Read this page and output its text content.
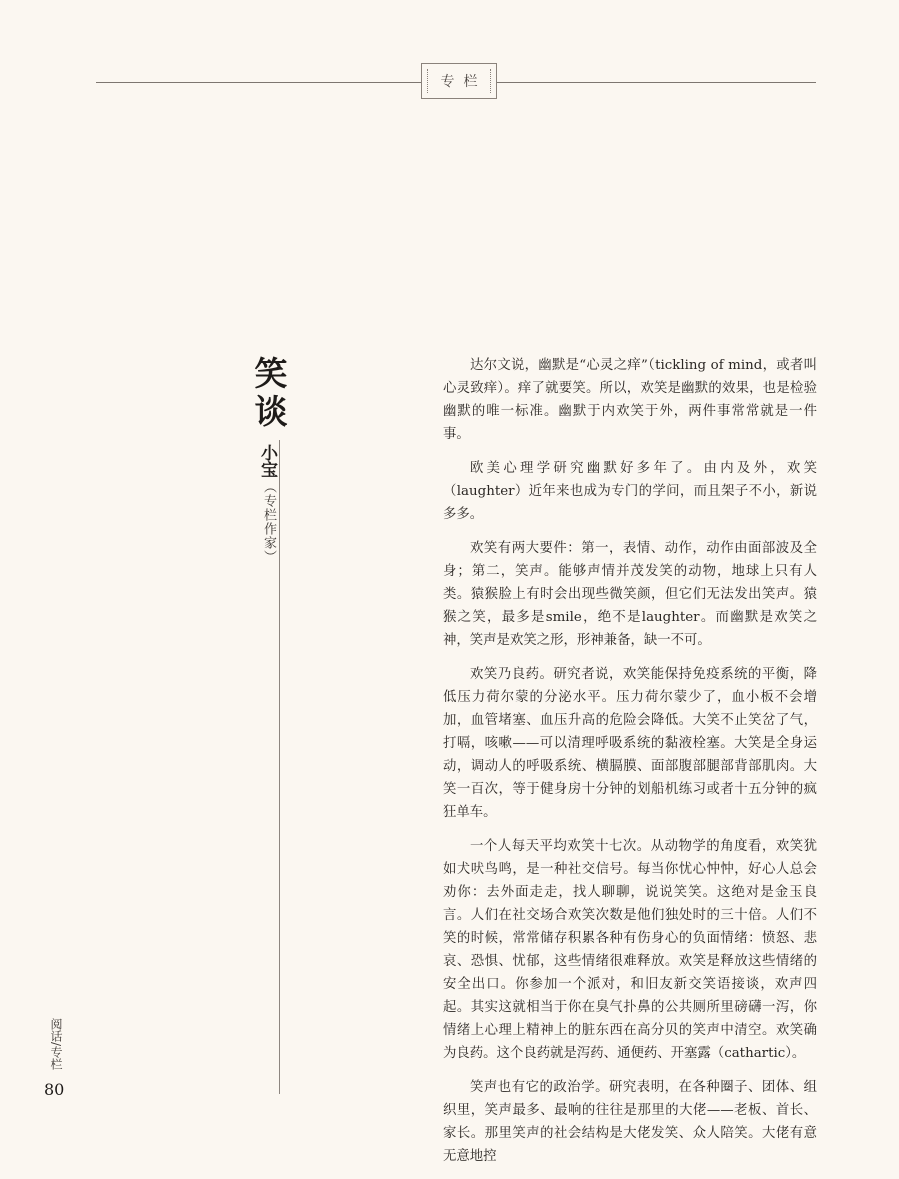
专栏
笑谈
小宝
（专栏作家）

达尔文说，幽默是“心灵之痒”（tickling of mind，或者叫心灵致痒）。痒了就要笑。所以，欢笑是幽默的效果，也是检验幽默的唯一标准。幽默于内欢笑于外，两件事常常就是一件事。

欧美心理学研究幽默好多年了。由内及外，欢笑（laughter）近年来也成为专门的学问，而且架子不小，新说多多。

欢笑有两大要件：第一，表情、动作，动作由面部波及全身；第二，笑声。能够声情并茂发笑的动物，地球上只有人类。猿猴脸上有时会出现些微笑颜，但它们无法发出笑声。猿猴之笑，最多是smile，绝不是laughter。而幽默是欢笑之神，笑声是欢笑之形，形神兼备，缺一不可。

欢笑乃良药。研究者说，欢笑能保持免疫系统的平衡，降低压力荷尔蒙的分泌水平。压力荷尔蒙少了，血小板不会增加，血管堵塞、血压升高的危险会降低。大笑不止笑岔了气，打嗝，咳嗽——可以清理呼吸系统的黏液栓塞。大笑是全身运动，调动人的呼吸系统、横膈膜、面部腹部腿部背部肌肉。大笑一百次，等于健身房十分钟的划船机练习或者十五分钟的疯狂单车。

一个人每天平均欢笑十七次。从动物学的角度看，欢笑犹如犬吠鸟鸣，是一种社交信号。每当你忧心忡忡，好心人总会劝你：去外面走走，找人聊聊，说说笑笑。这绝对是金玉良言。人们在社交场合欢笑次数是他们独处时的三十倍。人们不笑的时候，常常储存积累各种有伤身心的负面情绪：愤怒、悲哀、恐惧、忧郁，这些情绪很难释放。欢笑是释放这些情绪的安全出口。你参加一个派对，和旧友新交笑语接谈，欢声四起。其实这就相当于你在臭气扑鼻的公共厕所里磅礴一泻，你情绪上心理上精神上的脏东西在高分贝的笑声中清空。欢笑确为良药。这个良药就是泻药、通便药、开塞露（cathartic）。

笑声也有它的政治学。研究表明，在各种圈子、团体、组织里，笑声最多、最响的往往是那里的大佬——老板、首长、家长。那里笑声的社会结构是大佬发笑、众人陪笑。大佬有意无意地控

阅话/专栏
80
